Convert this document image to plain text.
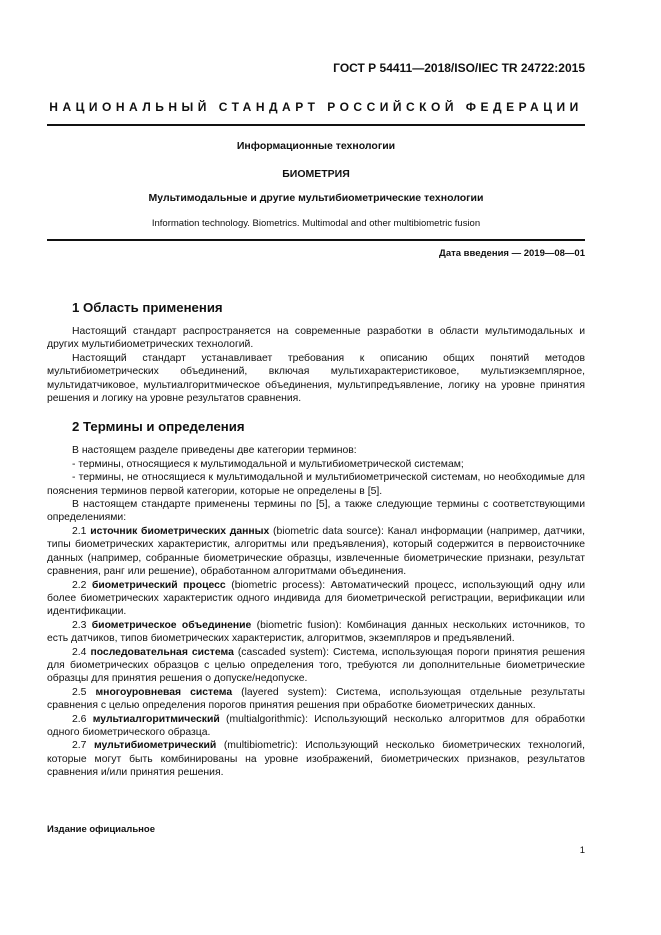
ГОСТ Р 54411—2018/ISO/IEC TR 24722:2015
НАЦИОНАЛЬНЫЙ СТАНДАРТ РОССИЙСКОЙ ФЕДЕРАЦИИ
Информационные технологии
БИОМЕТРИЯ
Мультимодальные и другие мультибиометрические технологии
Information technology. Biometrics. Multimodal and other multibiometric fusion
Дата введения — 2019—08—01
1 Область применения

Настоящий стандарт распространяется на современные разработки в области мультимодальных и других мультибиометрических технологий.

Настоящий стандарт устанавливает требования к описанию общих понятий методов мультибиометрических объединений, включая мультихарактеристиковое, мультиэкземплярное, мультидатчиковое, мультиалгоритмическое объединения, мультипредъявление, логику на уровне принятия решения и логику на уровне результатов сравнения.

2 Термины и определения

В настоящем разделе приведены две категории терминов:

- термины, относящиеся к мультимодальной и мультибиометрической системам;

- термины, не относящиеся к мультимодальной и мультибиометрической системам, но необходимые для пояснения терминов первой категории, которые не определены в [5].

В настоящем стандарте применены термины по [5], а также следующие термины с соответствующими определениями:

2.1 источник биометрических данных (biometric data source): Канал информации (например, датчики, типы биометрических характеристик, алгоритмы или предъявления), который содержится в первоисточнике данных (например, собранные биометрические образцы, извлеченные биометрические признаки, результат сравнения, ранг или решение), обработанном алгоритмами объединения.

2.2 биометрический процесс (biometric process): Автоматический процесс, использующий одну или более биометрических характеристик одного индивида для биометрической регистрации, верификации или идентификации.

2.3 биометрическое объединение (biometric fusion): Комбинация данных нескольких источников, то есть датчиков, типов биометрических характеристик, алгоритмов, экземпляров и предъявлений.

2.4 последовательная система (cascaded system): Система, использующая пороги принятия решения для биометрических образцов с целью определения того, требуются ли дополнительные биометрические образцы для принятия решения о допуске/недопуске.

2.5 многоуровневая система (layered system): Система, использующая отдельные результаты сравнения с целью определения порогов принятия решения при обработке биометрических данных.

2.6 мультиалгоритмический (multialgorithmic): Использующий несколько алгоритмов для обработки одного биометрического образца.

2.7 мультибиометрический (multibiometric): Использующий несколько биометрических технологий, которые могут быть комбинированы на уровне изображений, биометрических признаков, результатов сравнения и/или принятия решения.

Издание официальное
1
